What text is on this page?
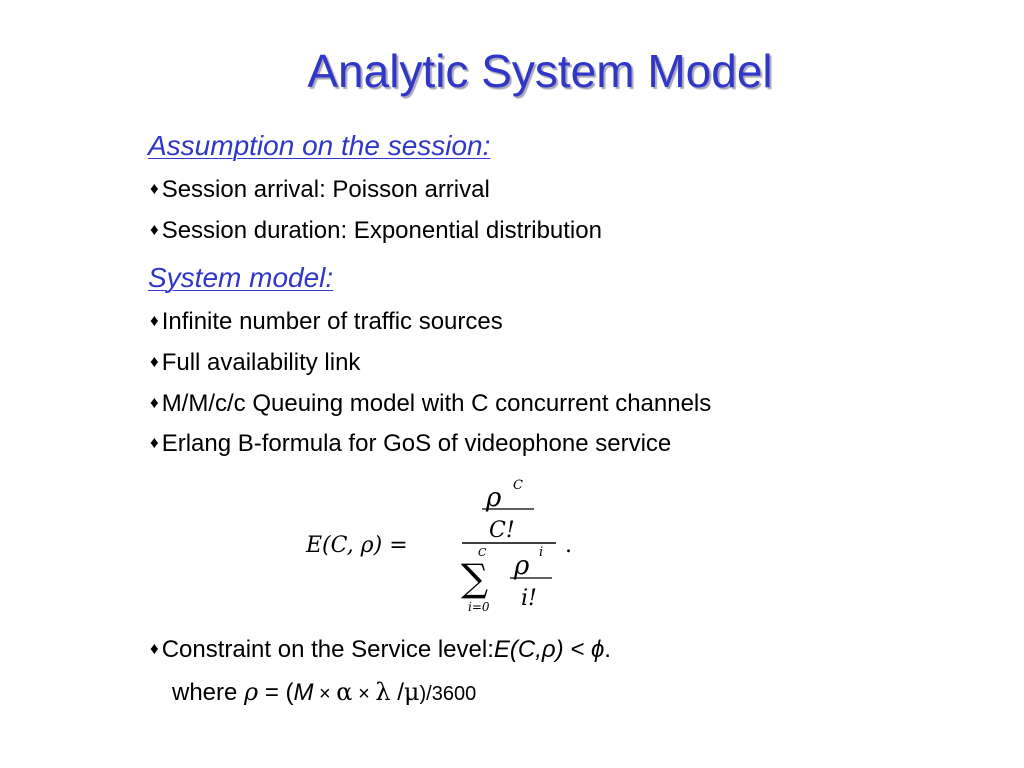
Analytic System Model
Assumption on the session:
♦ Session arrival: Poisson arrival
♦ Session duration: Exponential distribution
System model:
♦ Infinite number of traffic sources
♦ Full availability link
♦ M/M/c/c Queuing model with C concurrent channels
♦ Erlang B-formula for GoS of videophone service
E(C, ρ) =
ρ C
C!
C
∑
i=0
ρ i
i!
.
♦ Constraint on the Service level: E(C,ρ) < ϕ .
where ρ = (M × α × λ /μ)/3600
